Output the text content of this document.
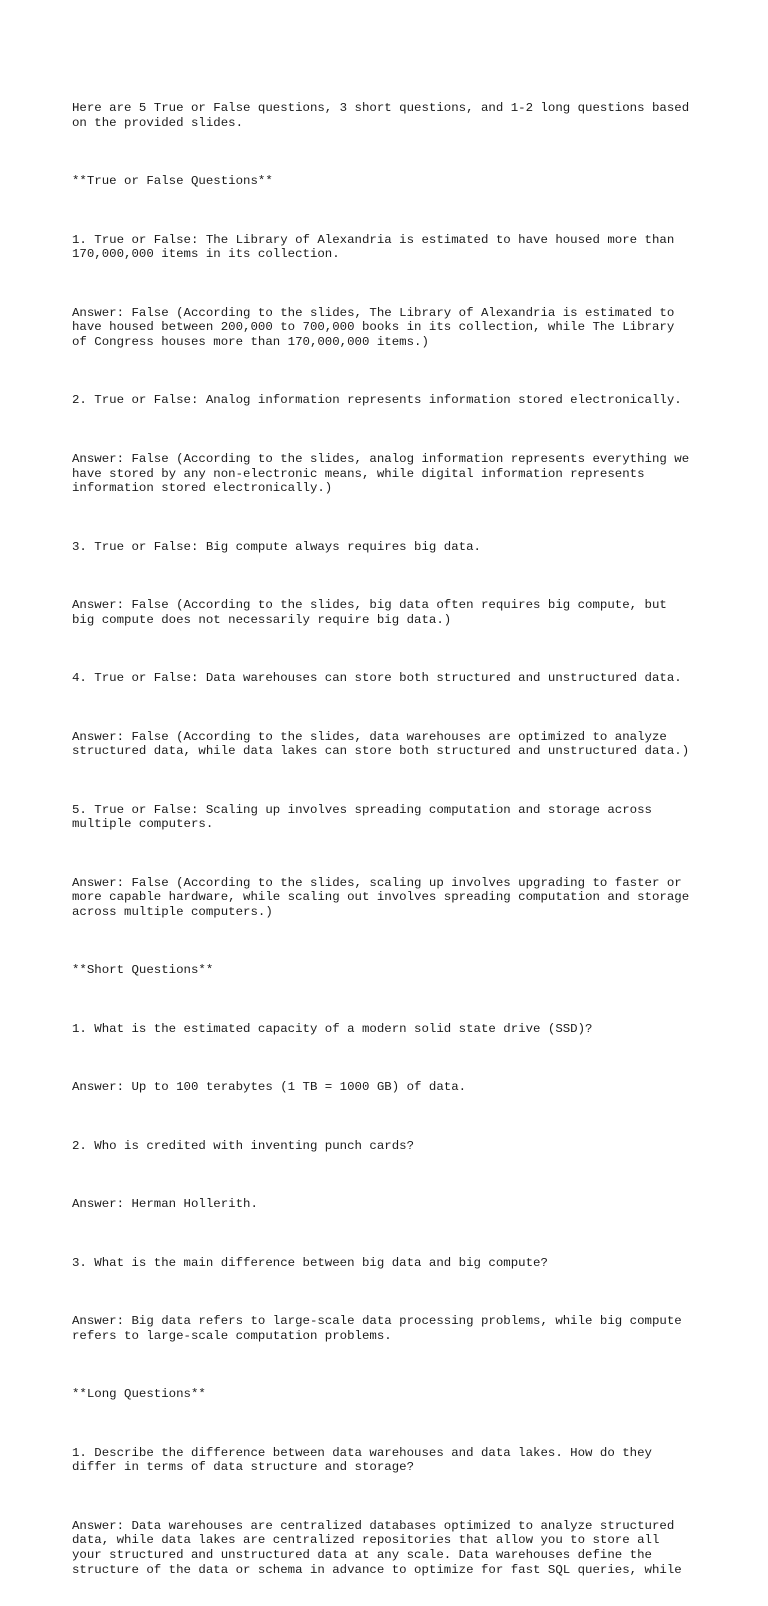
Here are 5 True or False questions, 3 short questions, and 1-2 long questions based
on the provided slides.

**True or False Questions**

1. True or False: The Library of Alexandria is estimated to have housed more than
170,000,000 items in its collection.

Answer: False (According to the slides, The Library of Alexandria is estimated to
have housed between 200,000 to 700,000 books in its collection, while The Library
of Congress houses more than 170,000,000 items.)

2. True or False: Analog information represents information stored electronically.

Answer: False (According to the slides, analog information represents everything we
have stored by any non-electronic means, while digital information represents
information stored electronically.)

3. True or False: Big compute always requires big data.

Answer: False (According to the slides, big data often requires big compute, but
big compute does not necessarily require big data.)

4. True or False: Data warehouses can store both structured and unstructured data.

Answer: False (According to the slides, data warehouses are optimized to analyze
structured data, while data lakes can store both structured and unstructured data.)

5. True or False: Scaling up involves spreading computation and storage across
multiple computers.

Answer: False (According to the slides, scaling up involves upgrading to faster or
more capable hardware, while scaling out involves spreading computation and storage
across multiple computers.)

**Short Questions**

1. What is the estimated capacity of a modern solid state drive (SSD)?

Answer: Up to 100 terabytes (1 TB = 1000 GB) of data.

2. Who is credited with inventing punch cards?

Answer: Herman Hollerith.

3. What is the main difference between big data and big compute?

Answer: Big data refers to large-scale data processing problems, while big compute
refers to large-scale computation problems.

**Long Questions**

1. Describe the difference between data warehouses and data lakes. How do they
differ in terms of data structure and storage?

Answer: Data warehouses are centralized databases optimized to analyze structured
data, while data lakes are centralized repositories that allow you to store all
your structured and unstructured data at any scale. Data warehouses define the
structure of the data or schema in advance to optimize for fast SQL queries, while
